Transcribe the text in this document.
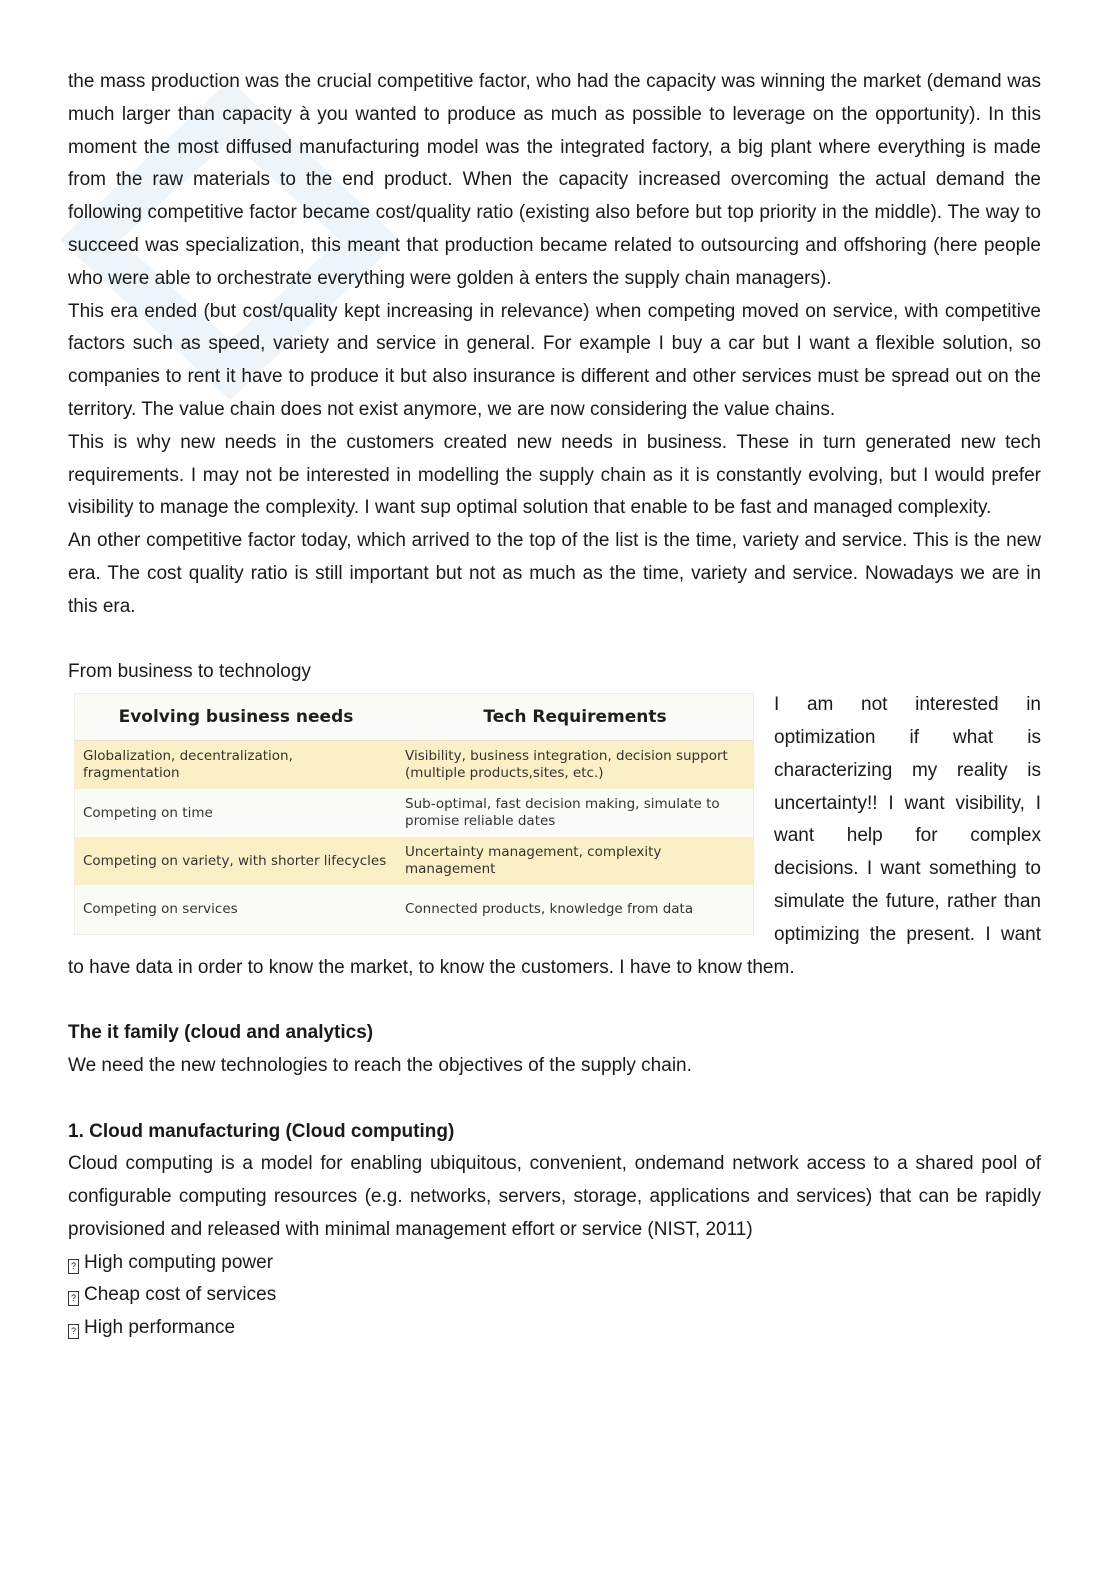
the mass production was the crucial competitive factor, who had the capacity was winning the market (demand was much larger than capacity à you wanted to produce as much as possible to leverage on the opportunity). In this moment the most diffused manufacturing model was the integrated factory, a big plant where everything is made from the raw materials to the end product. When the capacity increased overcoming the actual demand the following competitive factor became cost/quality ratio (existing also before but top priority in the middle). The way to succeed was specialization, this meant that production became related to outsourcing and offshoring (here people who were able to orchestrate everything were golden à enters the supply chain managers).

This era ended (but cost/quality kept increasing in relevance) when competing moved on service, with competitive factors such as speed, variety and service in general. For example I buy a car but I want a flexible solution, so companies to rent it have to produce it but also insurance is different and other services must be spread out on the territory. The value chain does not exist anymore, we are now considering the value chains.

This is why new needs in the customers created new needs in business. These in turn generated new tech requirements. I may not be interested in modelling the supply chain as it is constantly evolving, but I would prefer visibility to manage the complexity. I want sup optimal solution that enable to be fast and managed complexity.

An other competitive factor today, which arrived to the top of the list is the time, variety and service. This is the new era. The cost quality ratio is still important but not as much as the time, variety and service. Nowadays we are in this era.

From business to technology

Evolving business needs	Tech Requirements
Globalization, decentralization, fragmentation	Visibility, business integration, decision support (multiple products,sites, etc.)
Competing on time	Sub-optimal, fast decision making, simulate to promise reliable dates
Competing on variety, with shorter lifecycles	Uncertainty management, complexity management
Competing on services	Connected products, knowledge from data

I am not interested in optimization if what is characterizing my reality is uncertainty!! I want visibility, I want help for complex decisions. I want something to simulate the future, rather than optimizing the present. I want to have data in order to know the market, to know the customers. I have to know them.

The it family (cloud and analytics)

We need the new technologies to reach the objectives of the supply chain.

1. Cloud manufacturing (Cloud computing)

Cloud computing is a model for enabling ubiquitous, convenient, ondemand network access to a shared pool of configurable computing resources (e.g. networks, servers, storage, applications and services) that can be rapidly provisioned and released with minimal management effort or service (NIST, 2011)

? High computing power

? Cheap cost of services

? High performance
